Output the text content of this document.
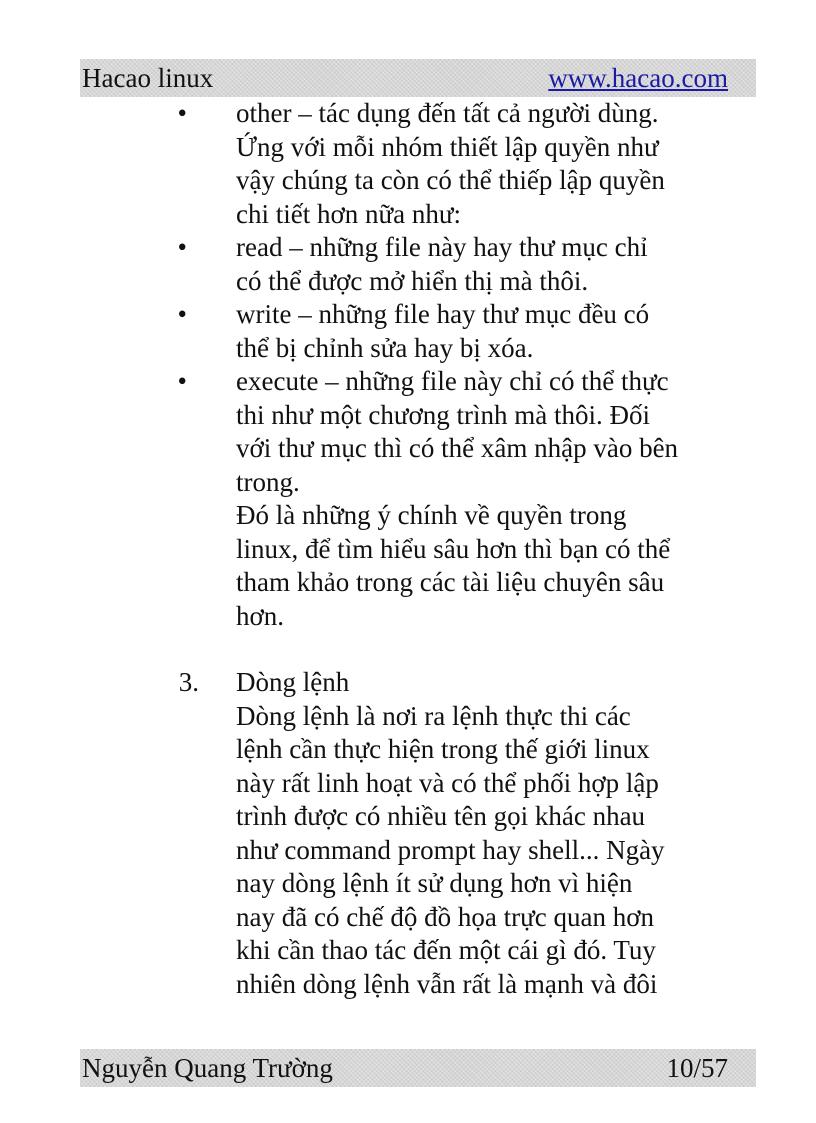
Hacao linux	www.hacao.com
•	other – tác dụng đến tất cả người dùng.
Ứng với mỗi nhóm thiết lập quyền như
vậy chúng ta còn có thể thiếp lập quyền
chi tiết hơn nữa như:
•	read – những file này hay thư mục chỉ
có thể được mở hiển thị mà thôi.
•	write – những file hay thư mục đều có
thể bị chỉnh sửa hay bị xóa.
•	execute – những file này chỉ có thể thực
thi như một chương trình mà thôi. Đối
với thư mục thì có thể xâm nhập vào bên
trong.
Đó là những ý chính về quyền trong
linux, để tìm hiểu sâu hơn thì bạn có thể
tham khảo trong các tài liệu chuyên sâu
hơn.
3.	Dòng lệnh
Dòng lệnh là nơi ra lệnh thực thi các
lệnh cần thực hiện trong thế giới linux
này rất linh hoạt và có thể phối hợp lập
trình được có nhiều tên gọi khác nhau
như command prompt hay shell... Ngày
nay dòng lệnh ít sử dụng hơn vì hiện
nay đã có chế độ đồ họa trực quan hơn
khi cần thao tác đến một cái gì đó. Tuy
nhiên dòng lệnh vẫn rất là mạnh và đôi
Nguyễn Quang Trường	10/57
